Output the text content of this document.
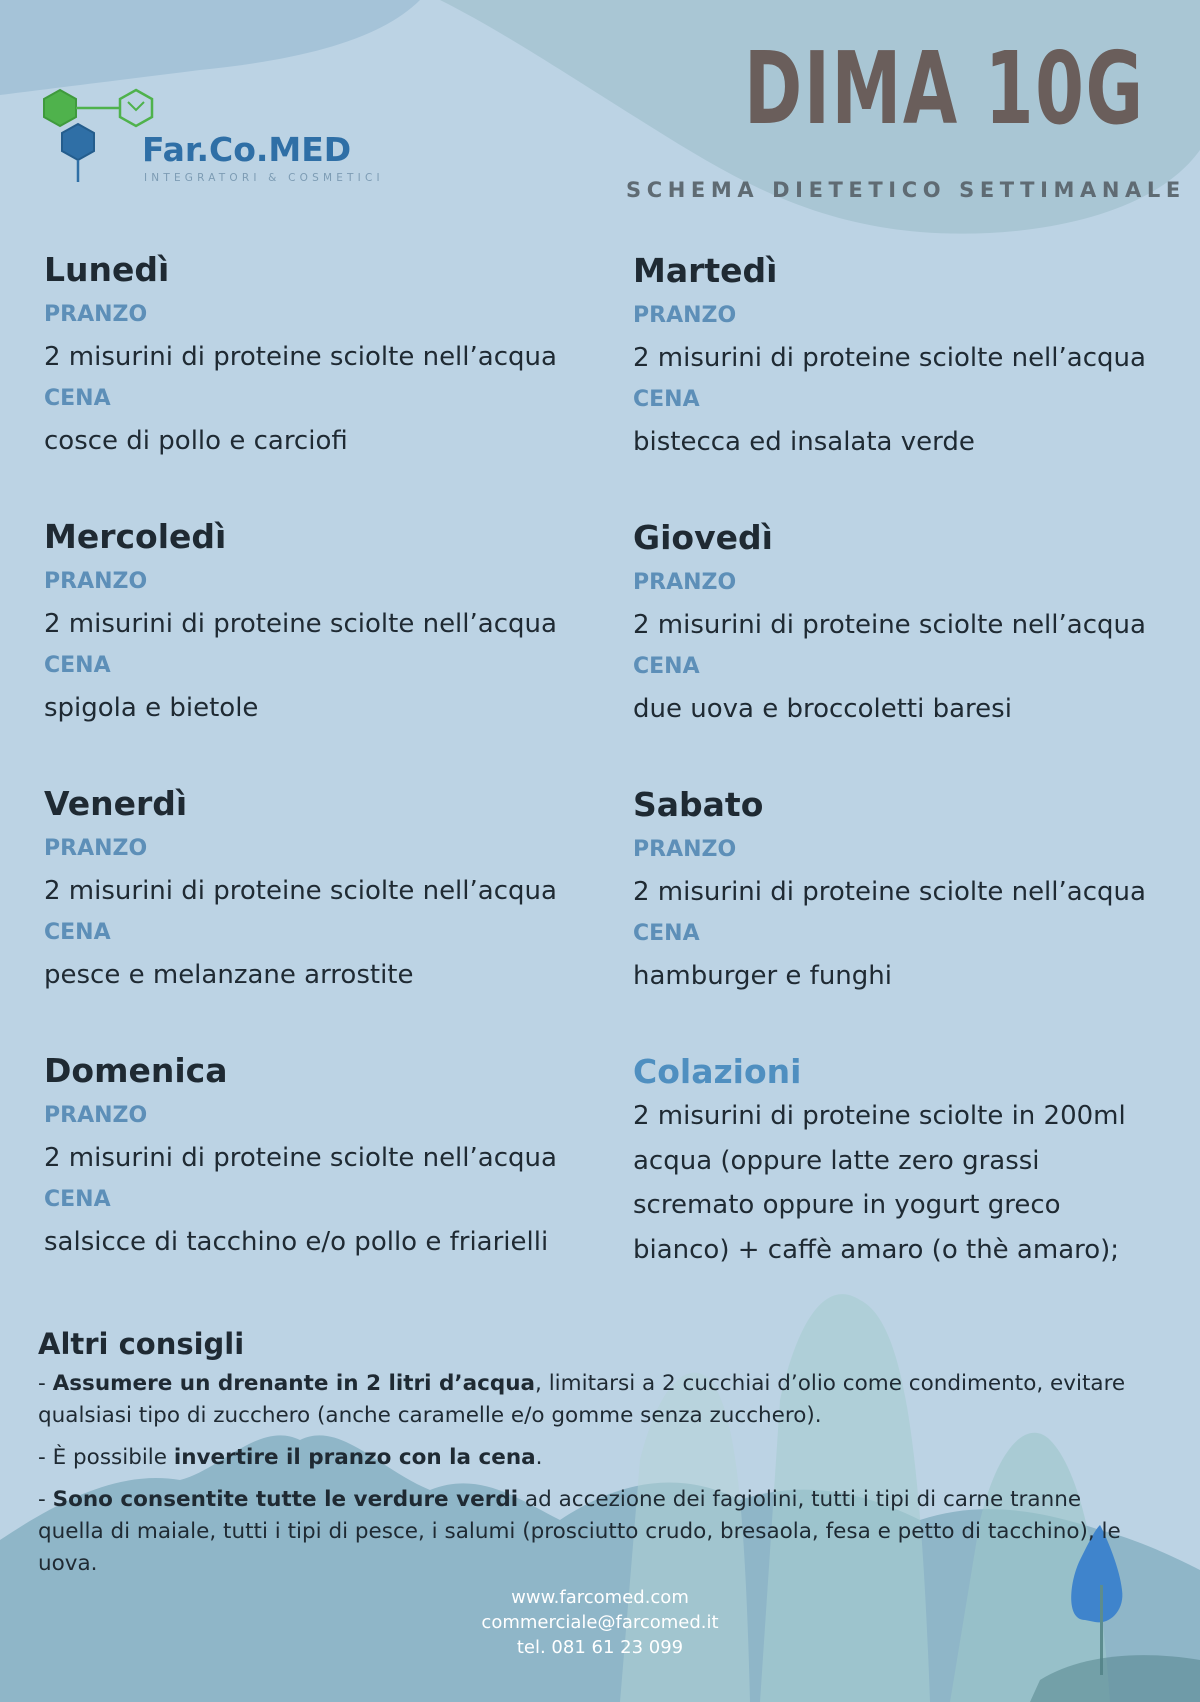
Far.Co.MED
INTEGRATORI & COSMETICI
DIMA 10G
SCHEMA DIETETICO SETTIMANALE
Lunedì
PRANZO
2 misurini di proteine sciolte nell’acqua
CENA
cosce di pollo e carciofi
Martedì
PRANZO
2 misurini di proteine sciolte nell’acqua
CENA
bistecca ed insalata verde
Mercoledì
PRANZO
2 misurini di proteine sciolte nell’acqua
CENA
spigola e bietole
Giovedì
PRANZO
2 misurini di proteine sciolte nell’acqua
CENA
due uova e broccoletti baresi
Venerdì
PRANZO
2 misurini di proteine sciolte nell’acqua
CENA
pesce e melanzane arrostite
Sabato
PRANZO
2 misurini di proteine sciolte nell’acqua
CENA
hamburger e funghi
Domenica
PRANZO
2 misurini di proteine sciolte nell’acqua
CENA
salsicce di tacchino e/o pollo e friarielli
Colazioni
2 misurini di proteine sciolte in 200ml
acqua (oppure latte zero grassi
scremato oppure in yogurt greco
bianco) + caffè amaro (o thè amaro);
Altri consigli
- Assumere un drenante in 2 litri d’acqua, limitarsi a 2 cucchiai d’olio come condimento, evitare qualsiasi tipo di zucchero (anche caramelle e/o gomme senza zucchero).
- È possibile invertire il pranzo con la cena.
- Sono consentite tutte le verdure verdi ad accezione dei fagiolini, tutti i tipi di carne tranne quella di maiale, tutti i tipi di pesce, i salumi (prosciutto crudo, bresaola, fesa e petto di tacchino), le uova.
www.farcomed.com
commerciale@farcomed.it
tel. 081 61 23 099
